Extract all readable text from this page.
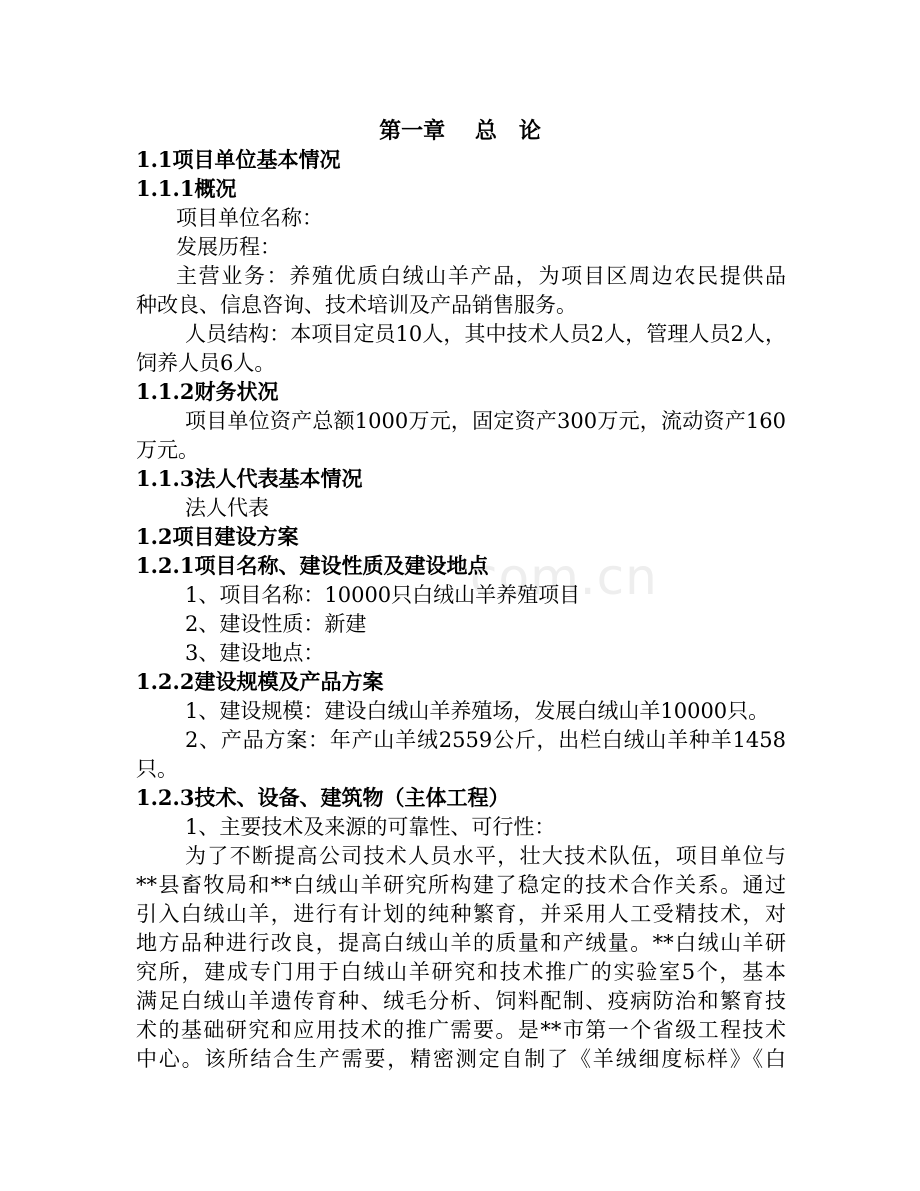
com.cn
第一章　 总　论
1.1项目单位基本情况
1.1.1概况
项目单位名称：
发展历程：
主营业务：养殖优质白绒山羊产品，为项目区周边农民提供品
种改良、信息咨询、技术培训及产品销售服务。
人员结构：本项目定员10人，其中技术人员2人，管理人员2人，
饲养人员6人。
1.1.2财务状况
项目单位资产总额1000万元，固定资产300万元，流动资产160
万元。
1.1.3法人代表基本情况
法人代表
1.2项目建设方案
1.2.1项目名称、建设性质及建设地点
1、项目名称：10000只白绒山羊养殖项目
2、建设性质：新建
3、建设地点：
1.2.2建设规模及产品方案
1、建设规模：建设白绒山羊养殖场，发展白绒山羊10000只。
2、产品方案：年产山羊绒2559公斤，出栏白绒山羊种羊1458
只。
1.2.3技术、设备、建筑物（主体工程）
1、主要技术及来源的可靠性、可行性：
为了不断提高公司技术人员水平，壮大技术队伍，项目单位与
**县畜牧局和**白绒山羊研究所构建了稳定的技术合作关系。通过
引入白绒山羊，进行有计划的纯种繁育，并采用人工受精技术，对
地方品种进行改良，提高白绒山羊的质量和产绒量。**白绒山羊研
究所，建成专门用于白绒山羊研究和技术推广的实验室5个，基本
满足白绒山羊遗传育种、绒毛分析、饲料配制、疫病防治和繁育技
术的基础研究和应用技术的推广需要。是**市第一个省级工程技术
中心。该所结合生产需要，精密测定自制了《羊绒细度标样》《白
